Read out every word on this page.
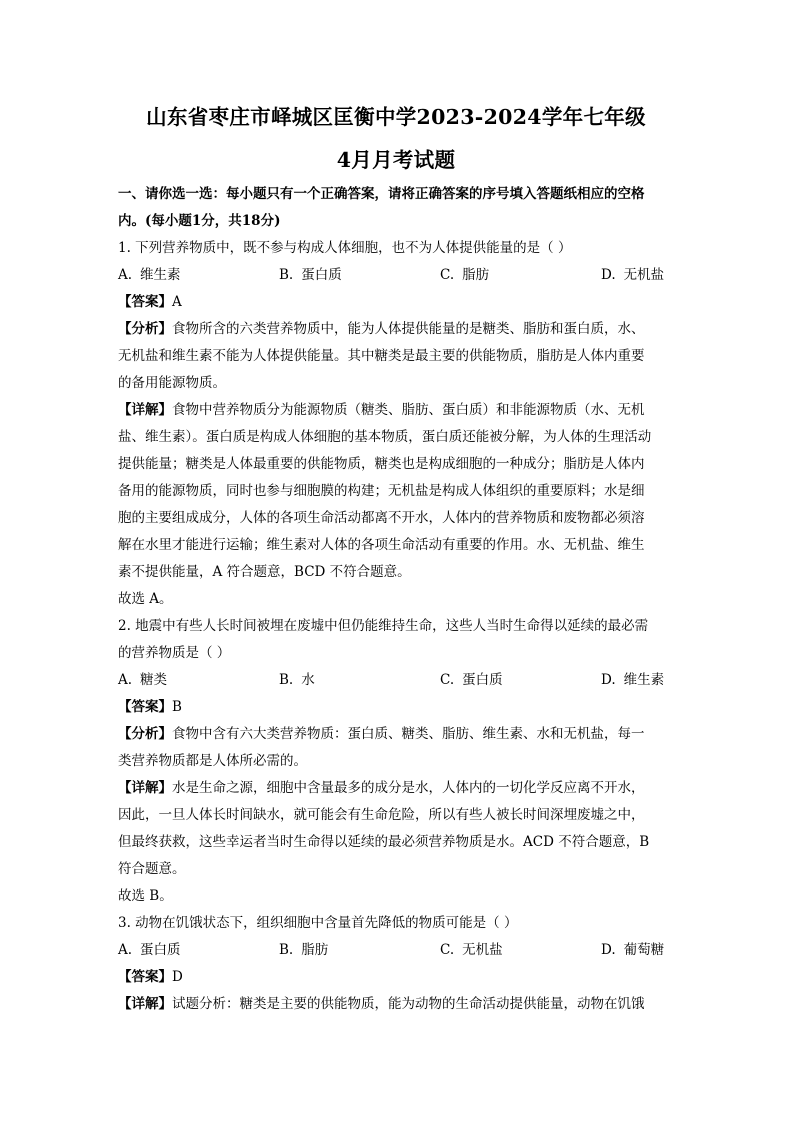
山东省枣庄市峄城区匡衡中学2023-2024学年七年级
4月月考试题
一、请你选一选：每小题只有一个正确答案，请将正确答案的序号填入答题纸相应的空格
内。(每小题1分，共18分)
1. 下列营养物质中，既不参与构成人体细胞，也不为人体提供能量的是（ ）
A. 维生素	B. 蛋白质	C. 脂肪	D. 无机盐
【答案】A
【分析】食物所含的六类营养物质中，能为人体提供能量的是糖类、脂肪和蛋白质，水、
无机盐和维生素不能为人体提供能量。其中糖类是最主要的供能物质，脂肪是人体内重要
的备用能源物质。
【详解】食物中营养物质分为能源物质（糖类、脂肪、蛋白质）和非能源物质（水、无机
盐、维生素）。蛋白质是构成人体细胞的基本物质，蛋白质还能被分解，为人体的生理活动
提供能量；糖类是人体最重要的供能物质，糖类也是构成细胞的一种成分；脂肪是人体内
备用的能源物质，同时也参与细胞膜的构建；无机盐是构成人体组织的重要原料；水是细
胞的主要组成成分，人体的各项生命活动都离不开水，人体内的营养物质和废物都必须溶
解在水里才能进行运输；维生素对人体的各项生命活动有重要的作用。水、无机盐、维生
素不提供能量，A 符合题意，BCD 不符合题意。
故选 A。
2. 地震中有些人长时间被埋在废墟中但仍能维持生命，这些人当时生命得以延续的最必需
的营养物质是（ ）
A. 糖类	B. 水	C. 蛋白质	D. 维生素
【答案】B
【分析】食物中含有六大类营养物质：蛋白质、糖类、脂肪、维生素、水和无机盐，每一
类营养物质都是人体所必需的。
【详解】水是生命之源，细胞中含量最多的成分是水，人体内的一切化学反应离不开水，
因此，一旦人体长时间缺水，就可能会有生命危险，所以有些人被长时间深埋废墟之中，
但最终获救，这些幸运者当时生命得以延续的最必须营养物质是水。ACD 不符合题意，B
符合题意。
故选 B。
3. 动物在饥饿状态下，组织细胞中含量首先降低的物质可能是（ ）
A. 蛋白质	B. 脂肪	C. 无机盐	D. 葡萄糖
【答案】D
【详解】试题分析：糖类是主要的供能物质，能为动物的生命活动提供能量，动物在饥饿
